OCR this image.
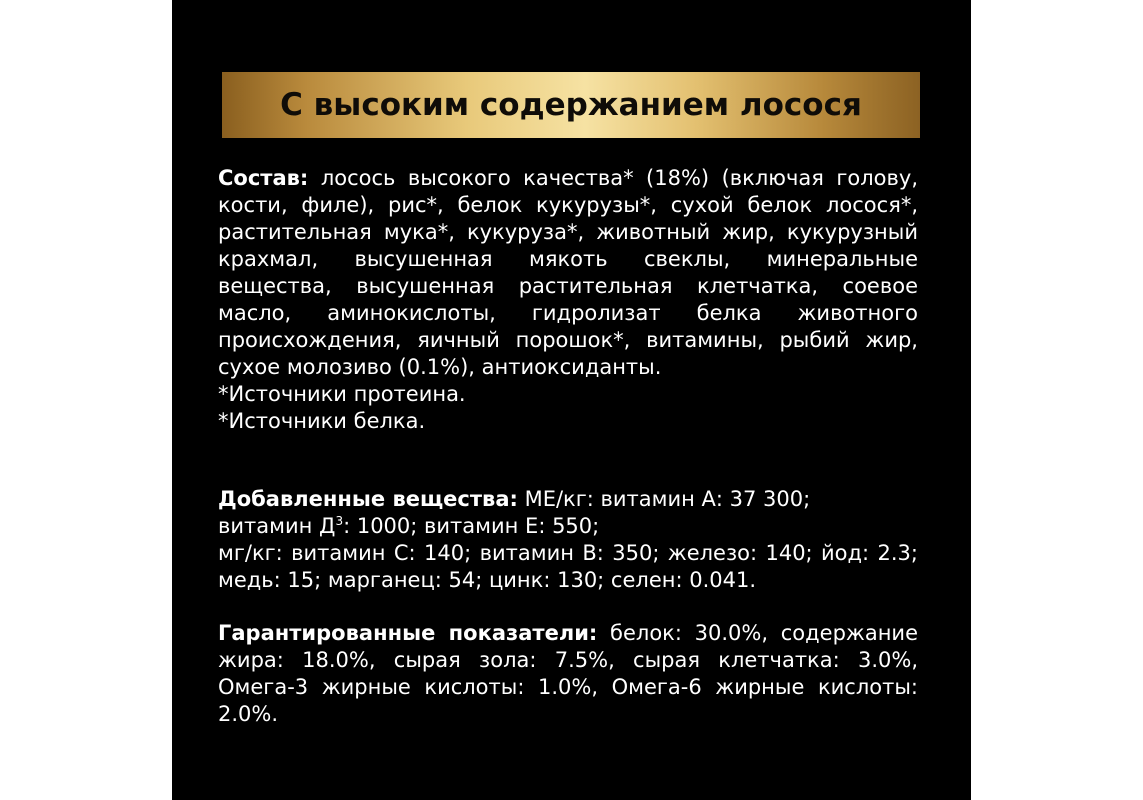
С высоким содержанием лосося

Состав: лосось высокого качества* (18%) (включая голову, кости, филе), рис*, белок кукурузы*, сухой белок лосося*, растительная мука*, кукуруза*, животный жир, кукурузный крахмал, высушенная мякоть свеклы, минеральные вещества, высушенная растительная клетчатка, соевое масло, аминокислоты, гидролизат белка животного происхождения, яичный порошок*, витамины, рыбий жир, сухое молозиво (0.1%), антиоксиданты.

*Источники протеина.
*Источники белка.

Добавленные вещества: МЕ/кг: витамин А: 37 300;

витамин $Д^3$: 1000; витамин Е: 550;

мг/кг: витамин С: 140; витамин В: 350; железо: 140; йод: 2.3; медь: 15; марганец: 54; цинк: 130; селен: 0.041.

Гарантированные показатели: белок: 30.0%, содержание жира: 18.0%, сырая зола: 7.5%, сырая клетчатка: 3.0%, Омега-3 жирные кислоты: 1.0%, Омега-6 жирные кислоты: 2.0%.
